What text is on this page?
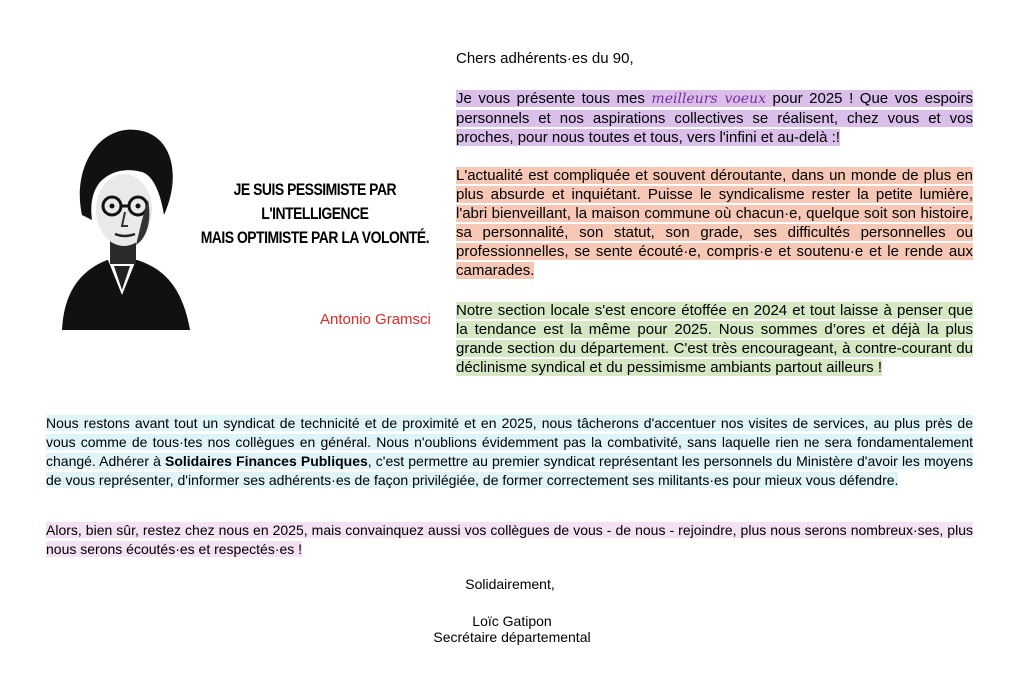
JE SUIS PESSIMISTE PAR L'INTELLIGENCE
MAIS OPTIMISTE PAR LA VOLONTÉ.
Antonio Gramsci
Chers adhérents·es du 90,
Je vous présente tous mes meilleurs voeux pour 2025 ! Que vos espoirs personnels et nos aspirations collectives se réalisent, chez vous et vos proches, pour nous toutes et tous, vers l'infini et au-delà :!
L'actualité est compliquée et souvent déroutante, dans un monde de plus en plus absurde et inquiétant. Puisse le syndicalisme rester la petite lumière, l'abri bienveillant, la maison commune où chacun·e, quelque soit son histoire, sa personnalité, son statut, son grade, ses difficultés personnelles ou professionnelles, se sente écouté·e, compris·e et soutenu·e et le rende aux camarades.
Notre section locale s'est encore étoffée en 2024 et tout laisse à penser que la tendance est la même pour 2025. Nous sommes d’ores et déjà la plus grande section du département. C'est très encourageant, à contre-courant du déclinisme syndical et du pessimisme ambiants partout ailleurs !
Nous restons avant tout un syndicat de technicité et de proximité et en 2025, nous tâcherons d'accentuer nos visites de services, au plus près de vous comme de tous·tes nos collègues en général. Nous n'oublions évidemment pas la combativité, sans laquelle rien ne sera fondamentalement changé. Adhérer à Solidaires Finances Publiques, c'est permettre au premier syndicat représentant les personnels du Ministère d'avoir les moyens de vous représenter, d'informer ses adhérents·es de façon privilégiée, de former correctement ses militants·es pour mieux vous défendre.
Alors, bien sûr, restez chez nous en 2025, mais convainquez aussi vos collègues de vous - de nous - rejoindre, plus nous serons nombreux·ses, plus nous serons écoutés·es et respectés·es !
Solidairement,
Loïc Gatipon
Secrétaire départemental
